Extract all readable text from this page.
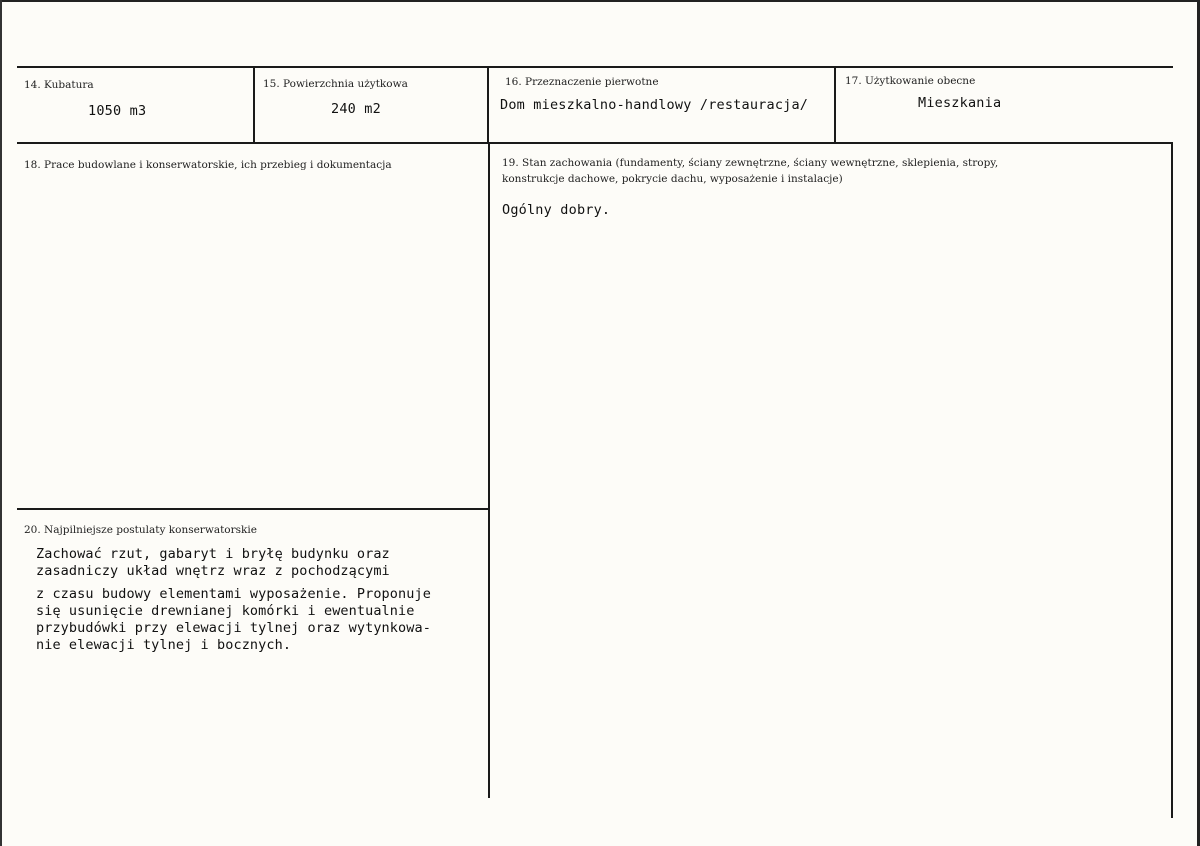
14. Kubatura
1050 m3
15. Powierzchnia użytkowa
240 m2
16. Przeznaczenie pierwotne
Dom mieszkalno-handlowy /restauracja/
17. Użytkowanie obecne
Mieszkania
18. Prace budowlane i konserwatorskie, ich przebieg i dokumentacja	19. Stan zachowania (fundamenty, ściany zewnętrzne, ściany wewnętrzne, sklepienia, stropy,
konstrukcje dachowe, pokrycie dachu, wyposażenie i instalacje)
Ogólny dobry.
20. Najpilniejsze postulaty konserwatorskie
Zachować rzut, gabaryt i bryłę budynku oraz
zasadniczy układ wnętrz wraz z pochodzącymi
z czasu budowy elementami wyposażenie. Proponuje
się usunięcie drewnianej komórki i ewentualnie
przybudówki przy elewacji tylnej oraz wytynkowa-
nie elewacji tylnej i bocznych.
